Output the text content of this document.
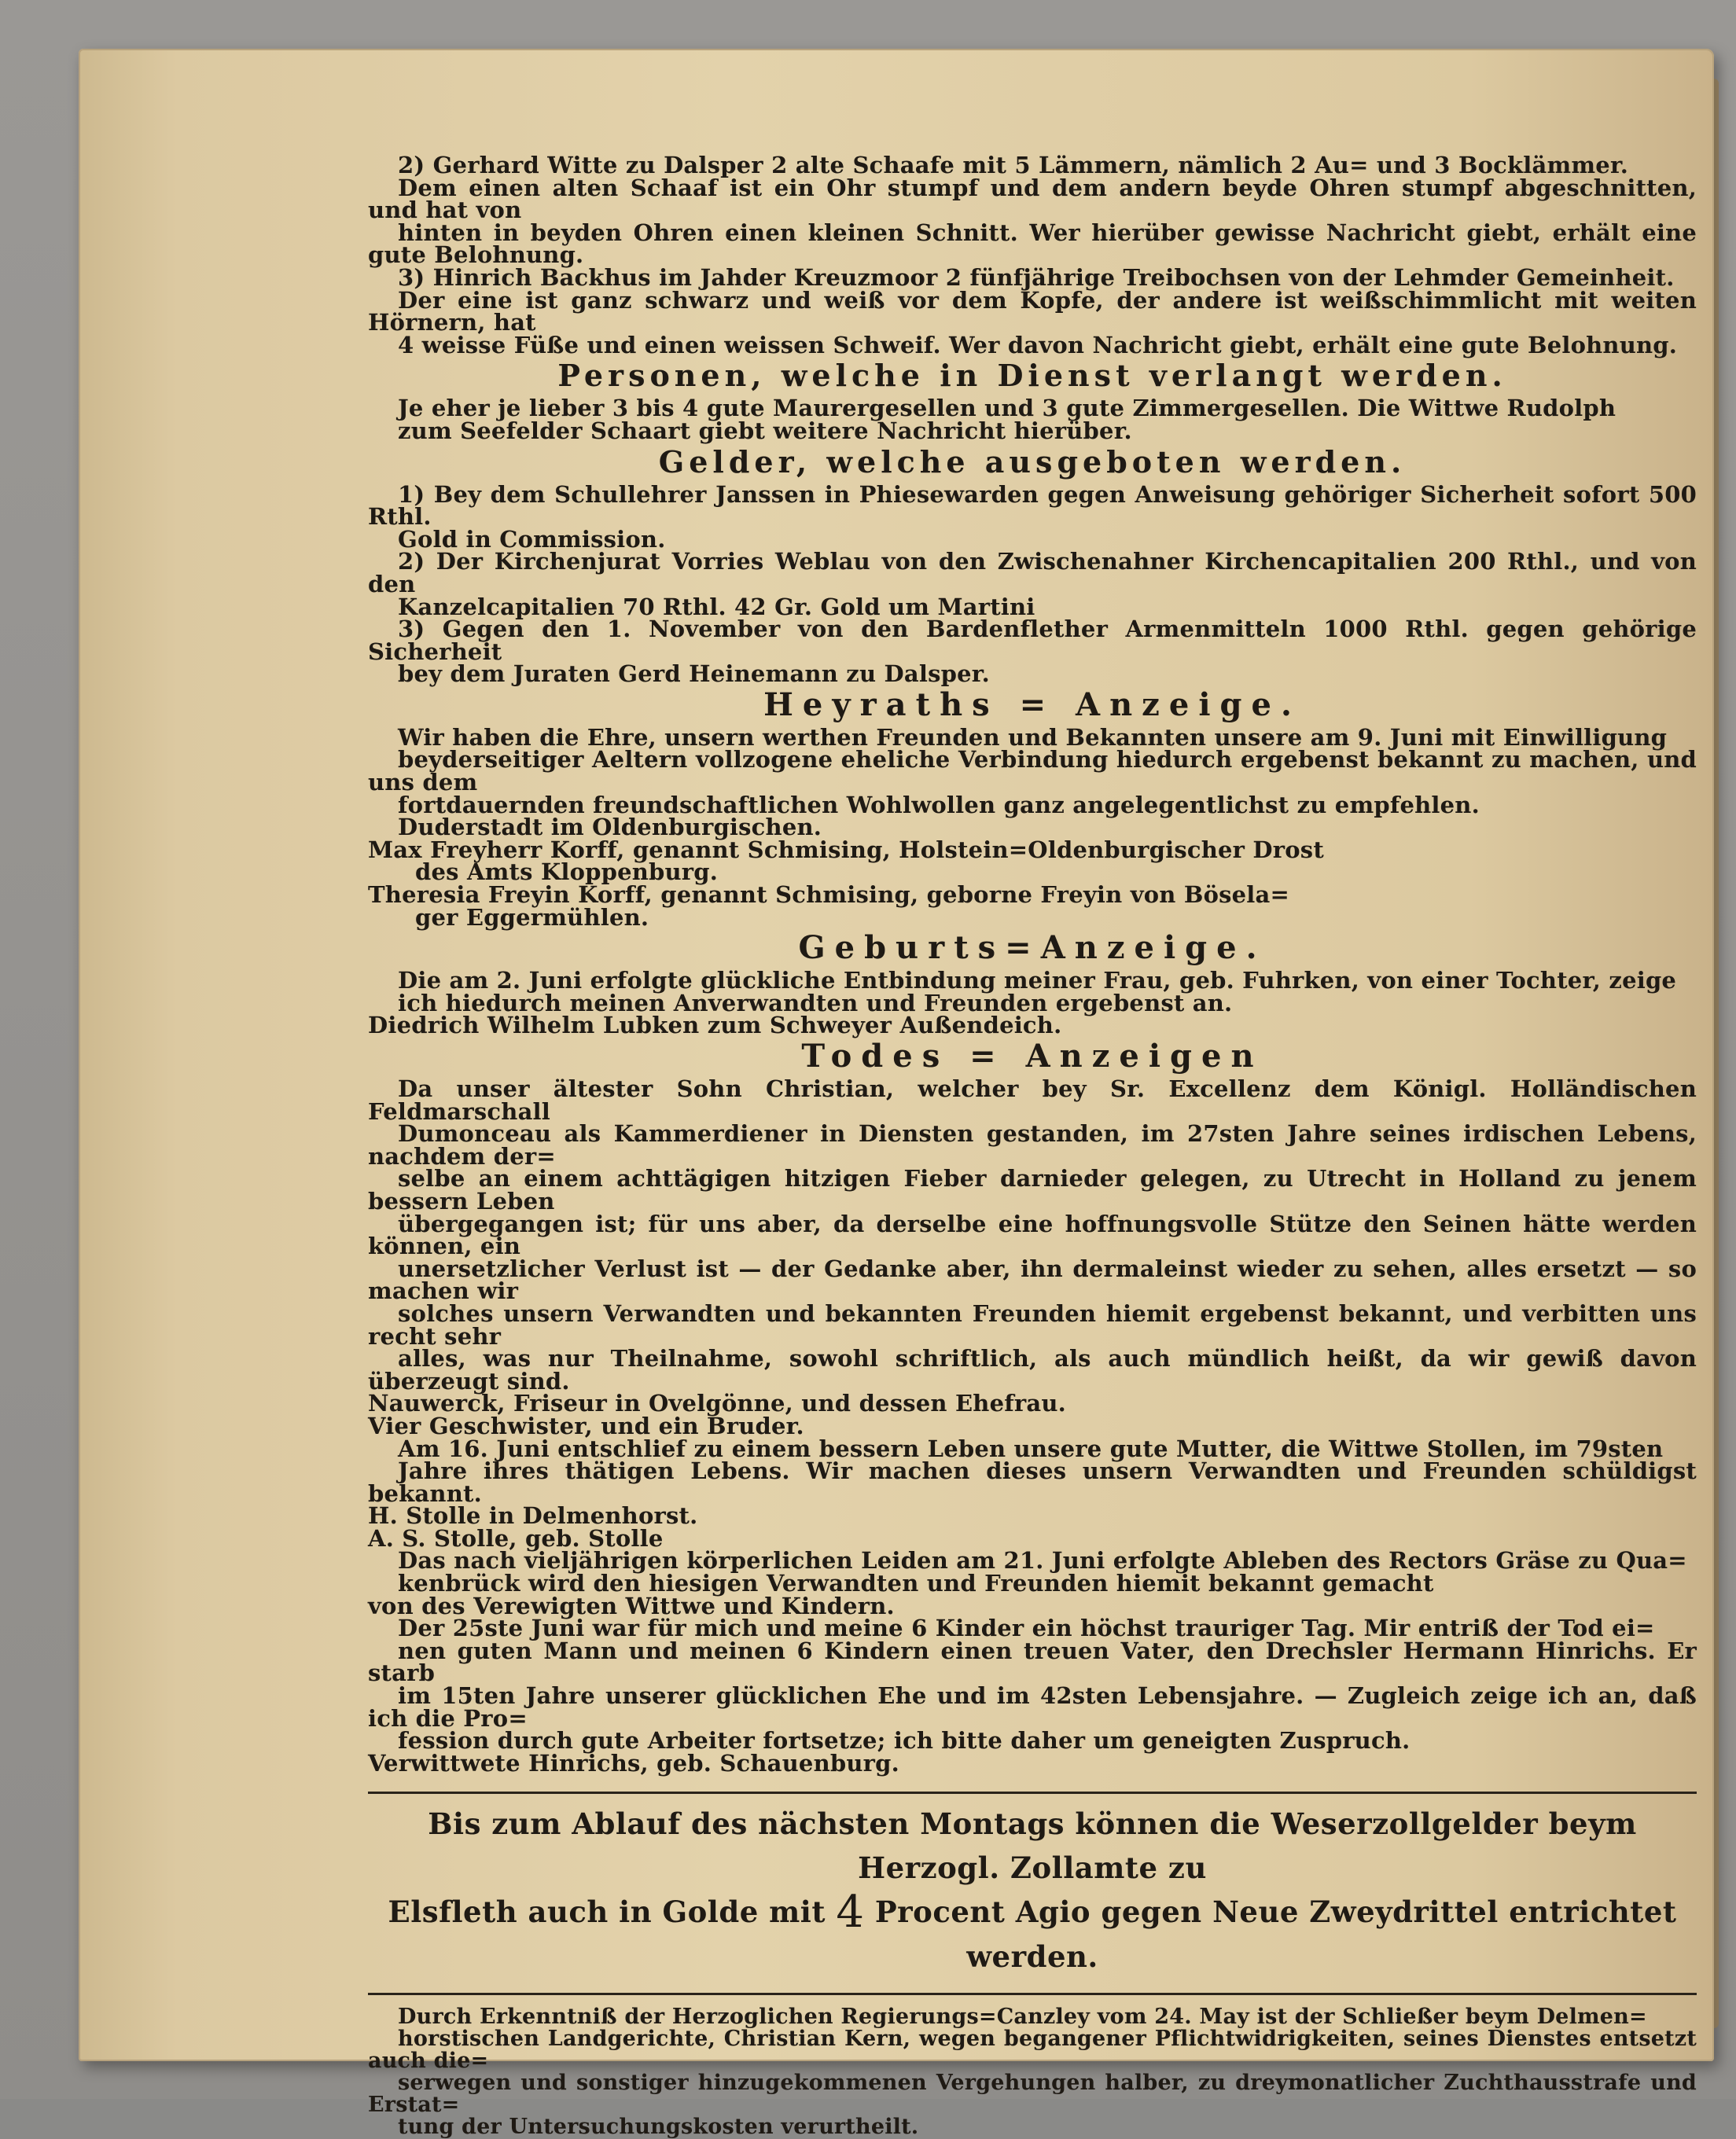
2) Gerhard Witte zu Dalsper 2 alte Schaafe mit 5 Lämmern, nämlich 2 Au= und 3 Bocklämmer.
Dem einen alten Schaaf ist ein Ohr stumpf und dem andern beyde Ohren stumpf abgeschnitten, und hat von
hinten in beyden Ohren einen kleinen Schnitt. Wer hierüber gewisse Nachricht giebt, erhält eine gute Belohnung.

3) Hinrich Backhus im Jahder Kreuzmoor 2 fünfjährige Treibochsen von der Lehmder Gemeinheit.
Der eine ist ganz schwarz und weiß vor dem Kopfe, der andere ist weißschimmlicht mit weiten Hörnern, hat
4 weisse Füße und einen weissen Schweif. Wer davon Nachricht giebt, erhält eine gute Belohnung.

Personen, welche in Dienst verlangt werden.

Je eher je lieber 3 bis 4 gute Maurergesellen und 3 gute Zimmergesellen. Die Wittwe Rudolph
zum Seefelder Schaart giebt weitere Nachricht hierüber.

Gelder, welche ausgeboten werden.

1) Bey dem Schullehrer Janssen in Phiesewarden gegen Anweisung gehöriger Sicherheit sofort 500 Rthl.
Gold in Commission.

2) Der Kirchenjurat Vorries Weblau von den Zwischenahner Kirchencapitalien 200 Rthl., und von den
Kanzelcapitalien 70 Rthl. 42 Gr. Gold um Martini

3) Gegen den 1. November von den Bardenflether Armenmitteln 1000 Rthl. gegen gehörige Sicherheit
bey dem Juraten Gerd Heinemann zu Dalsper.

Heyraths = Anzeige.

Wir haben die Ehre, unsern werthen Freunden und Bekannten unsere am 9. Juni mit Einwilligung
beyderseitiger Aeltern vollzogene eheliche Verbindung hiedurch ergebenst bekannt zu machen, und uns dem
fortdauernden freundschaftlichen Wohlwollen ganz angelegentlichst zu empfehlen.

Duderstadt im Oldenburgischen.

Max Freyherr Korff, genannt Schmising, Holstein=Oldenburgischer Drost
des Amts Kloppenburg.

Theresia Freyin Korff, genannt Schmising, geborne Freyin von Bösela=
ger Eggermühlen.

Geburts=Anzeige.

Die am 2. Juni erfolgte glückliche Entbindung meiner Frau, geb. Fuhrken, von einer Tochter, zeige
ich hiedurch meinen Anverwandten und Freunden ergebenst an.

Diedrich Wilhelm Lubken zum Schweyer Außendeich.

Todes = Anzeigen

Da unser ältester Sohn Christian, welcher bey Sr. Excellenz dem Königl. Holländischen Feldmarschall
Dumonceau als Kammerdiener in Diensten gestanden, im 27sten Jahre seines irdischen Lebens, nachdem der=
selbe an einem achttägigen hitzigen Fieber darnieder gelegen, zu Utrecht in Holland zu jenem bessern Leben
übergegangen ist; für uns aber, da derselbe eine hoffnungsvolle Stütze den Seinen hätte werden können, ein
unersetzlicher Verlust ist — der Gedanke aber, ihn dermaleinst wieder zu sehen, alles ersetzt — so machen wir
solches unsern Verwandten und bekannten Freunden hiemit ergebenst bekannt, und verbitten uns recht sehr
alles, was nur Theilnahme, sowohl schriftlich, als auch mündlich heißt, da wir gewiß davon überzeugt sind.

Nauwerck, Friseur in Ovelgönne, und dessen Ehefrau.
Vier Geschwister, und ein Bruder.

Am 16. Juni entschlief zu einem bessern Leben unsere gute Mutter, die Wittwe Stollen, im 79sten
Jahre ihres thätigen Lebens. Wir machen dieses unsern Verwandten und Freunden schüldigst bekannt.

H. Stolle in Delmenhorst.
A. S. Stolle, geb. Stolle

Das nach vieljährigen körperlichen Leiden am 21. Juni erfolgte Ableben des Rectors Gräse zu Qua=
kenbrück wird den hiesigen Verwandten und Freunden hiemit bekannt gemacht

von des Verewigten Wittwe und Kindern.

Der 25ste Juni war für mich und meine 6 Kinder ein höchst trauriger Tag. Mir entriß der Tod ei=
nen guten Mann und meinen 6 Kindern einen treuen Vater, den Drechsler Hermann Hinrichs. Er starb
im 15ten Jahre unserer glücklichen Ehe und im 42sten Lebensjahre. — Zugleich zeige ich an, daß ich die Pro=
fession durch gute Arbeiter fortsetze; ich bitte daher um geneigten Zuspruch.

Verwittwete Hinrichs, geb. Schauenburg.

Bis zum Ablauf des nächsten Montags können die Weserzollgelder beym Herzogl. Zollamte zu
Elsfleth auch in Golde mit 4 Procent Agio gegen Neue Zweydrittel entrichtet werden.

Durch Erkenntniß der Herzoglichen Regierungs=Canzley vom 24. May ist der Schließer beym Delmen=
horstischen Landgerichte, Christian Kern, wegen begangener Pflichtwidrigkeiten, seines Dienstes entsetzt auch die=
serwegen und sonstiger hinzugekommenen Vergehungen halber, zu dreymonatlicher Zuchthausstrafe und Erstat=
tung der Untersuchungskosten verurtheilt.
